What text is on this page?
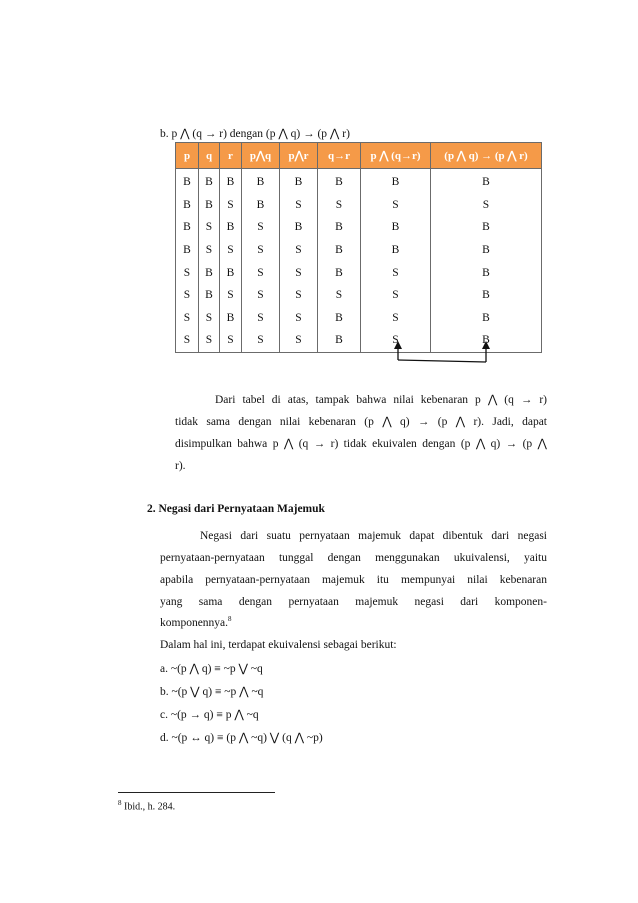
b. p ⋀ (q → r) dengan (p ⋀ q) → (p ⋀ r)
p	q	r	p⋀q	p⋀r	q→r	p ⋀ (q→r)	(p ⋀ q) → (p ⋀ r)
B	B	B	B	B	B	B	B
B	B	S	B	S	S	S	S
B	S	B	S	B	B	B	B
B	S	S	S	S	B	B	B
S	B	B	S	S	B	S	B
S	B	S	S	S	S	S	B
S	S	B	S	S	B	S	B
S	S	S	S	S	B	S	B
Dari tabel di atas, tampak bahwa nilai kebenaran p ⋀ (q → r)
tidak sama dengan nilai kebenaran (p ⋀ q) → (p ⋀ r). Jadi, dapat
disimpulkan bahwa p ⋀ (q → r) tidak ekuivalen dengan (p ⋀ q) → (p ⋀
r).
2. Negasi dari Pernyataan Majemuk
Negasi dari suatu pernyataan majemuk dapat dibentuk dari negasi
pernyataan-pernyataan tunggal dengan menggunakan ukuivalensi, yaitu
apabila pernyataan-pernyataan majemuk itu mempunyai nilai kebenaran
yang sama dengan pernyataan majemuk negasi dari komponen-
komponennya.$^8$
Dalam hal ini, terdapat ekuivalensi sebagai berikut:
a. ~(p ⋀ q) ≡ ~p ⋁ ~q
b. ~(p ⋁ q) ≡ ~p ⋀ ~q
c. ~(p → q) ≡ p ⋀ ~q
d. ~(p ↔ q) ≡ (p ⋀ ~q) ⋁ (q ⋀ ~p)
$^8$ Ibid., h. 284.
